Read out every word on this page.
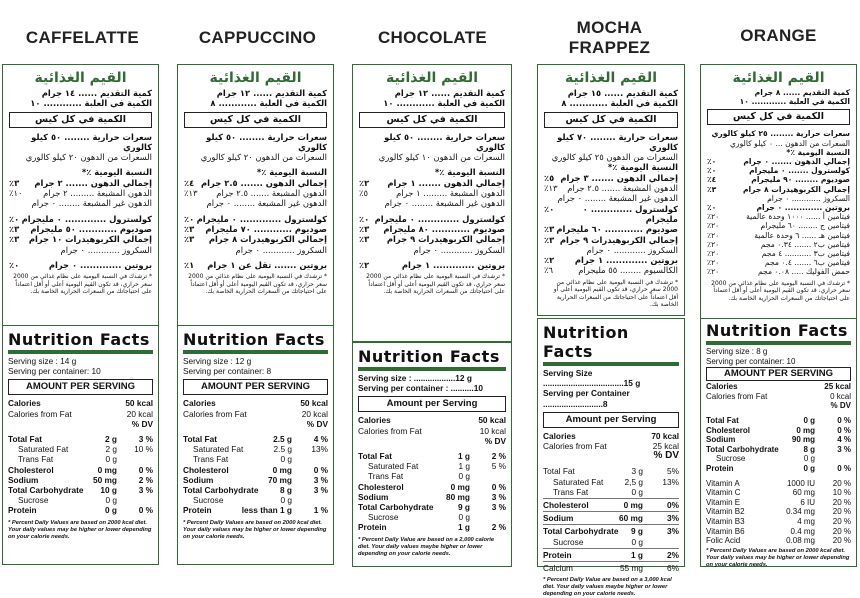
CAFFELATTE
القيم الغذائية
كمية التقديم ...... ١٤ جرام
الكمية في العلبة ............ ١٠
الكمية في كل كيس
سعرات حرارية ........ ٥٠ كيلو كالوري
السعرات من الدهون ٢٠ كيلو كالوري
النسبة اليومية ٪*
إجمالي الدهون ....... ٢ جرام
٣٪
الدهون المشبعة ......... ٢ جرام
١٠٪
الدهون غير المشبعة ........ ٠ جرام
كولسترول ............. ٠ مليجرام
٠٪
صوديوم ............ ٥٠ مليجرام
٣٪
إجمالي الكربوهيدرات ١٠ جرام
٣٪
السكروز ............ ٠ جرام
بروتين ............. ٠ جرام
٠٪
* ترشدك في النسبة اليومية على نظام غذائي من 2000 سعر حراري، قد تكون القيم اليومية أعلى أو أقل اعتماداً على احتياجاتك من السعرات الحرارية الخاصة بك.
Nutrition Facts
Serving size : 14 g
Serving per container: 10
AMOUNT PER SERVING
Calories	50 kcal
Calories from Fat	20 kcal
% DV
Total Fat	2 g	3 %
Saturated Fat	2 g	10 %
Trans Fat	0 g
Cholesterol	0 mg	0 %
Sodium	50 mg	2 %
Total Carbohydrate 10 g	3 %
Sucrose	0 g
Protein	0 g	0 %
* Percent Daily Values are based on 2000 kcal diet. Your daily values may be higher or lower depending on your calorie needs.
CAPPUCCINO
القيم الغذائية
كمية التقديم ...... ١٢ جرام
الكمية في العلبة ............ ٨
الكمية في كل كيس
سعرات حرارية ........ ٥٠ كيلو كالوري
السعرات من الدهون ٢٠ كيلو كالوري
النسبة اليومية ٪*
إجمالي الدهون ....... ٢.٥ جرام
٤٪
الدهون المشبعة ....... ٢.٥ جرام
١٣٪
الدهون غير المشبعة ........ ٠ جرام
كولسترول ............. ٠ مليجرام
٠٪
صوديوم ............ ٧٠ مليجرام
٣٪
إجمالي الكربوهيدرات ٨ جرام
٣٪
السكروز ............ ٠ جرام
بروتين ....... تقل عن ١ جرام
١٪
* ترشدك في النسبة اليومية على نظام غذائي من 2000 سعر حراري، قد تكون القيم اليومية أعلى أو أقل اعتماداً على احتياجاتك من السعرات الحرارية الخاصة بك.
Nutrition Facts
Serving size : 12 g
Serving per container: 8
AMOUNT PER SERVING
Calories	50 kcal
Calories from Fat	20 kcal
% DV
Total Fat	2.5 g	4 %
Saturated Fat	2.5 g	13%
Trans Fat	0 g
Cholesterol	0 mg	0 %
Sodium	70 mg	3 %
Total Carbohydrate	8 g	3 %
Sucrose	0 g
Protein	less than 1 g	1 %
* Percent Daily Values are based on 2000 kcal diet. Your daily values may be higher or lower depending on your calorie needs.
CHOCOLATE
القيم الغذائية
كمية التقديم ...... ١٢ جرام
الكمية في العلبة ............ ١٠
الكمية في كل كيس
سعرات حرارية ........ ٥٠ كيلو كالوري
السعرات من الدهون ١٠ كيلو كالوري
النسبة اليومية ٪*
إجمالي الدهون ....... ١ جرام
٢٪
الدهون المشبعة ......... ١ جرام
٥٪
الدهون غير المشبعة ........ ٠ جرام
كولسترول ............. ٠ مليجرام
٠٪
صوديوم ............ ٨٠ مليجرام
٣٪
إجمالي الكربوهيدرات ٩ جرام
٣٪
السكروز ............ ٠ جرام
بروتين ............. ١ جرام
٢٪
* ترشدك في النسبة اليومية على نظام غذائي من 2000 سعر حراري، قد تكون القيم اليومية أعلى أو أقل اعتماداً على احتياجاتك من السعرات الحرارية الخاصة بك.
Nutrition Facts
Serving size : ..................12 g
Serving per container : ..........10
Amount per Serving
Calories	50 kcal
Calories from Fat	10 kcal
% DV
Total Fat	1 g	2 %
Saturated Fat	1 g	5 %
Trans Fat	0 g
Cholesterol	0 mg	0 %
Sodium	80 mg	3 %
Total Carbohydrate	9 g	3 %
Sucrose	0 g
Protein	1 g	2 %
* Percent Daily Value are based on a 2,000 calorie diet. Your daily values maybe higher or lower depending on your calorie needs.
MOCHA FRAPPEZ
القيم الغذائية
كمية التقديم ...... ١٥ جرام
الكمية في العلبة ............ ٨
الكمية في كل كيس
سعرات حرارية ........ ٧٠ كيلو كالوري
السعرات من الدهون ٢٥ كيلو كالوري
النسبة اليومية ٪*
إجمالي الدهون ....... ٣ جرام
٥٪
الدهون المشبعة ....... ٢.٥ جرام
١٣٪
الدهون غير المشبعة ........ ٠ جرام
كولسترول ............. ٠ مليجرام
٠٪
صوديوم ............ ٦٠ مليجرام
٣٪
إجمالي الكربوهيدرات ٩ جرام
٣٪
السكروز ............ ٠ جرام
بروتين ............. ١ جرام
٢٪
الكالسيوم ........ ٥٥ مليجرام
٦٪
* ترشدك في النسبة اليومية على نظام غذائي من 2000 سعر حراري، قد تكون القيم اليومية أعلى أو أقل اعتماداً على احتياجاتك من السعرات الحرارية الخاصة بك.
Nutrition Facts
Serving Size ...................................15 g
Serving per Container ..........................8
Amount per Serving
Calories	70 kcal
Calories from Fat	25 kcal
% DV
Total Fat	3 g	5%
Saturated Fat	2,5 g	13%
Trans Fat	0 g
Cholesterol	0 mg	0%
Sodium	60 mg	3%
Total Carbohydrate 9 g	3%
Sucrose	0 g
Protein	1 g	2%
Calcium	55 mg	6%
* Percent Daily Value are based on a 3,000 kcal diet. Your daily values maybe higher or lower depending on your calorie needs.
ORANGE
القيم الغذائية
كمية التقديم ...... ٨ جرام
الكمية في العلبة ............ ١٠
الكمية في كل كيس
سعرات حرارية ........ ٢٥ كيلو كالوري
السعرات من الدهون ... ٠ كيلو كالوري
النسبة اليومية ٪*
إجمالي الدهون ....... ٠ جرام
٠٪
كولسترول ....... ٠ مليجرام
٠٪
صوديوم ........ ٩٠ مليجرام
٤٪
إجمالي الكربوهيدرات ٨ جرام
٣٪
السكروز ............ ٠ جرام
بروتين ............. ٠ جرام
٠٪
فيتامين أ ...... ١٠٠٠ وحدة عالمية
٢٠٪
فيتامين ج ........ ٦٠ مليجرام
٢٠٪
فيتامين هـ ...... ٦ وحدة عالمية
٢٠٪
فيتامين ب٢ ....... ٠.٣٤ مجم
٢٠٪
فيتامين ب٣ ........... ٤ مجم
٢٠٪
فيتامين ب٦ ....... ٠.٤ مجم
٢٠٪
حمض الفوليك ..... ٠.٠٨ مجم
٢٠٪
* ترشدك في النسبة اليومية على نظام غذائي من 2000 سعر حراري، قد تكون القيم اليومية أعلى أو أقل اعتماداً على احتياجاتك من السعرات الحرارية الخاصة بك.
Nutrition Facts
Serving size : 8 g
Serving per container: 10
AMOUNT PER SERVING
Calories	25 kcal
Calories from Fat	0 kcal
% DV
Total Fat	0 g	0 %
Cholesterol	0 mg	0 %
Sodium	90 mg	4 %
Total Carbohydrate	8 g	3 %
Sucrose	0 g
Protein	0 g	0 %
Vitamin A	1000 IU	20 %
Vitamin C	60 mg	10 %
Vitamin E	6 IU	20 %
Vitamin B2	0.34 mg	20 %
Vitamin B3	4 mg	20 %
Vitamin B6	0.4 mg	20 %
Folic Acid	0.08 mg	20 %
* Percent Daily Values are based on 2000 kcal diet. Your daily values may be higher or lower depending on your calorie needs.
